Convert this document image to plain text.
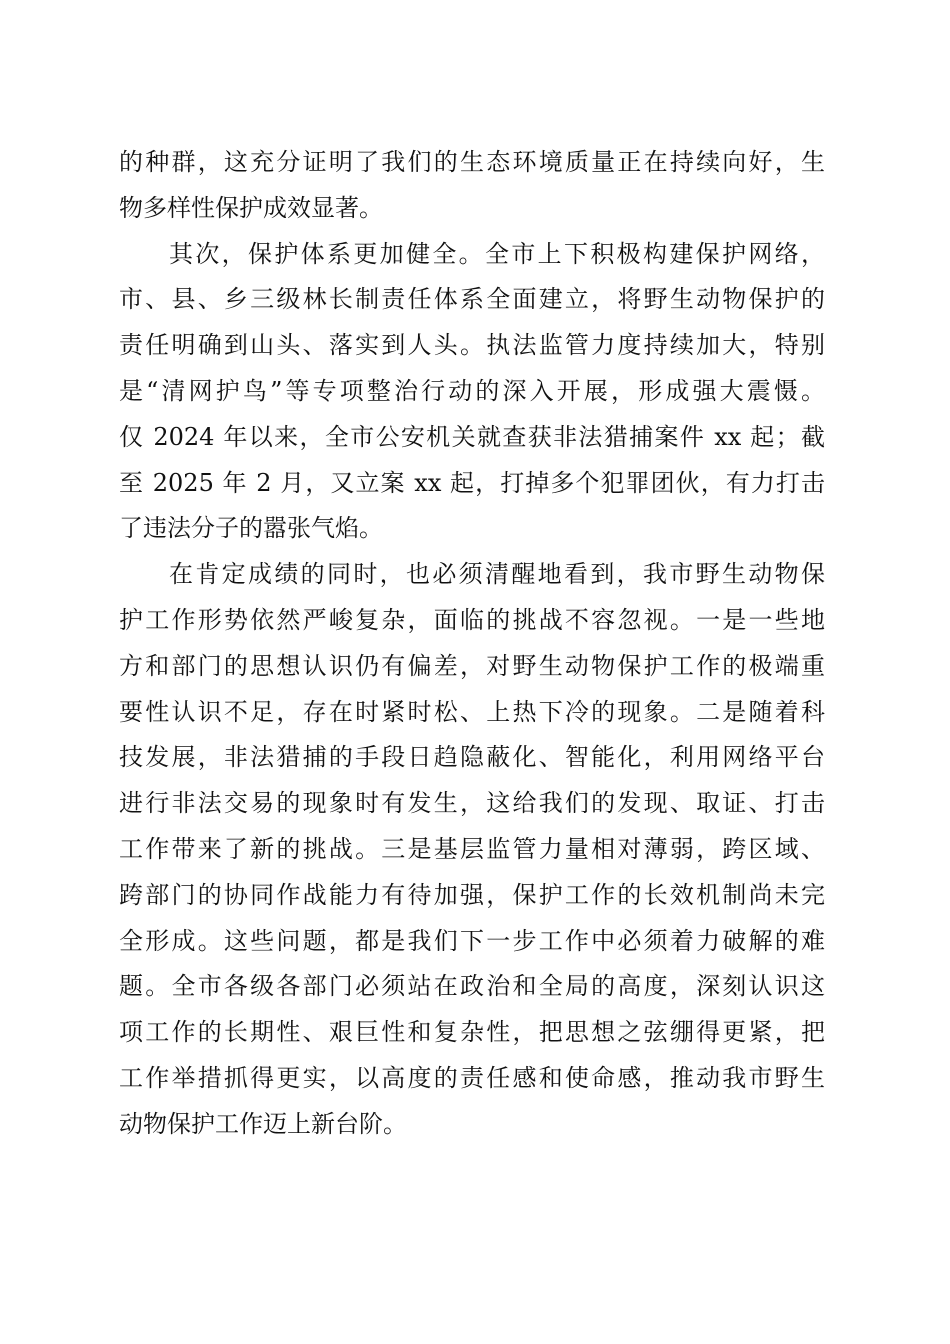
的种群，这充分证明了我们的生态环境质量正在持续向好，生
物多样性保护成效显著。
其次，保护体系更加健全。全市上下积极构建保护网络，
市、县、乡三级林长制责任体系全面建立，将野生动物保护的
责任明确到山头、落实到人头。执法监管力度持续加大，特别
是“清网护鸟”等专项整治行动的深入开展，形成强大震慑。
仅 2024 年以来，全市公安机关就查获非法猎捕案件 xx 起；截
至 2025 年 2 月，又立案 xx 起，打掉多个犯罪团伙，有力打击
了违法分子的嚣张气焰。
在肯定成绩的同时，也必须清醒地看到，我市野生动物保
护工作形势依然严峻复杂，面临的挑战不容忽视。一是一些地
方和部门的思想认识仍有偏差，对野生动物保护工作的极端重
要性认识不足，存在时紧时松、上热下冷的现象。二是随着科
技发展，非法猎捕的手段日趋隐蔽化、智能化，利用网络平台
进行非法交易的现象时有发生，这给我们的发现、取证、打击
工作带来了新的挑战。三是基层监管力量相对薄弱，跨区域、
跨部门的协同作战能力有待加强，保护工作的长效机制尚未完
全形成。这些问题，都是我们下一步工作中必须着力破解的难
题。全市各级各部门必须站在政治和全局的高度，深刻认识这
项工作的长期性、艰巨性和复杂性，把思想之弦绷得更紧，把
工作举措抓得更实，以高度的责任感和使命感，推动我市野生
动物保护工作迈上新台阶。
